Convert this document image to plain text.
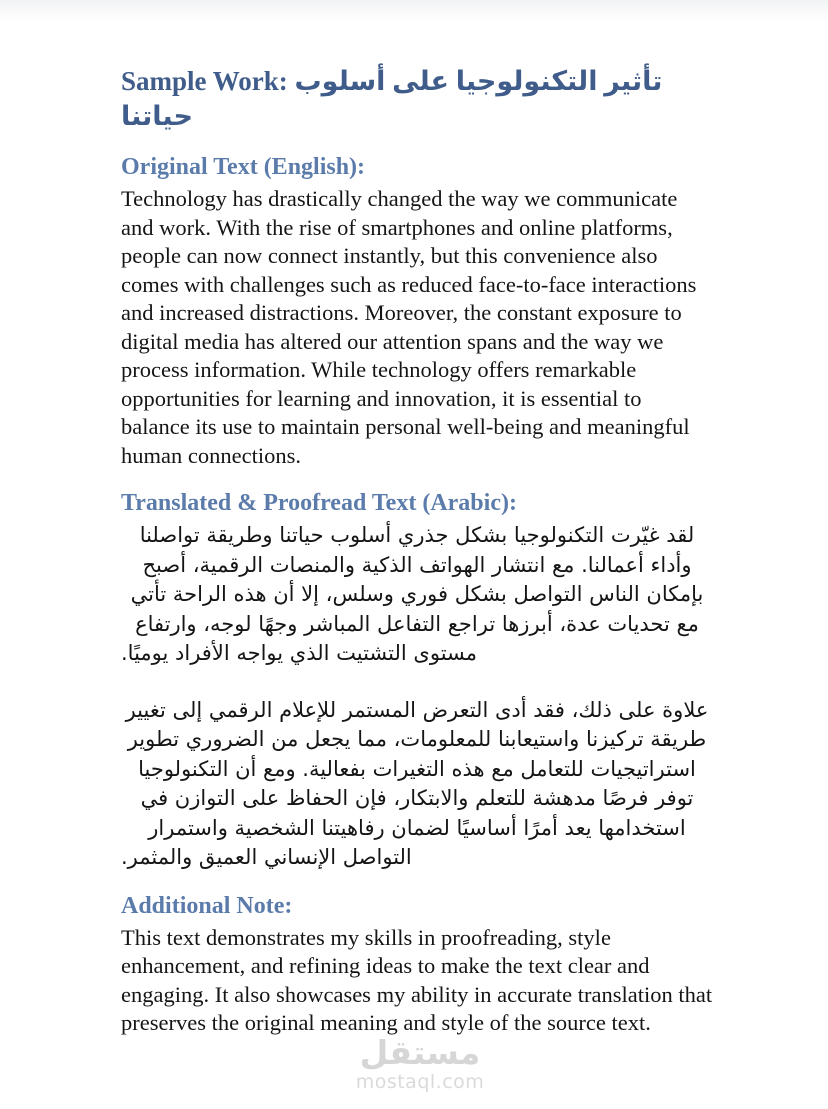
مستقل
mostaql.com
Sample Work: تأثير التكنولوجيا على أسلوب حياتنا
Original Text (English):

Technology has drastically changed the way we communicate and work. With the rise of smartphones and online platforms, people can now connect instantly, but this convenience also comes with challenges such as reduced face-to-face interactions and increased distractions. Moreover, the constant exposure to digital media has altered our attention spans and the way we process information. While technology offers remarkable opportunities for learning and innovation, it is essential to balance its use to maintain personal well-being and meaningful human connections.

Translated & Proofread Text (Arabic):

لقد غيّرت التكنولوجيا بشكل جذري أسلوب حياتنا وطريقة تواصلنا وأداء أعمالنا. مع انتشار الهواتف الذكية والمنصات الرقمية، أصبح بإمكان الناس التواصل بشكل فوري وسلس، إلا أن هذه الراحة تأتي مع تحديات عدة، أبرزها تراجع التفاعل المباشر وجهًا لوجه، وارتفاع مستوى التشتيت الذي يواجه الأفراد يوميًا.

علاوة على ذلك، فقد أدى التعرض المستمر للإعلام الرقمي إلى تغيير طريقة تركيزنا واستيعابنا للمعلومات، مما يجعل من الضروري تطوير استراتيجيات للتعامل مع هذه التغيرات بفعالية. ومع أن التكنولوجيا توفر فرصًا مدهشة للتعلم والابتكار، فإن الحفاظ على التوازن في استخدامها يعد أمرًا أساسيًا لضمان رفاهيتنا الشخصية واستمرار التواصل الإنساني العميق والمثمر.

Additional Note:

This text demonstrates my skills in proofreading, style enhancement, and refining ideas to make the text clear and engaging. It also showcases my ability in accurate translation that preserves the original meaning and style of the source text.
